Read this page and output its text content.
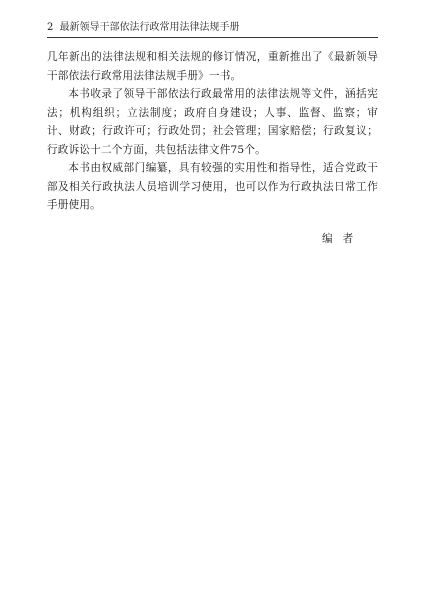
2 最新领导干部依法行政常用法律法规手册

几年新出的法律法规和相关法规的修订情况，重新推出了《最新领导干部依法行政常用法律法规手册》一书。

本书收录了领导干部依法行政最常用的法律法规等文件，涵括宪法；机构组织；立法制度；政府自身建设；人事、监督、监察；审计、财政；行政许可；行政处罚；社会管理；国家赔偿；行政复议；行政诉讼十二个方面，共包括法律文件75个。

本书由权威部门编纂，具有较强的实用性和指导性，适合党政干部及相关行政执法人员培训学习使用，也可以作为行政执法日常工作手册使用。

编者
